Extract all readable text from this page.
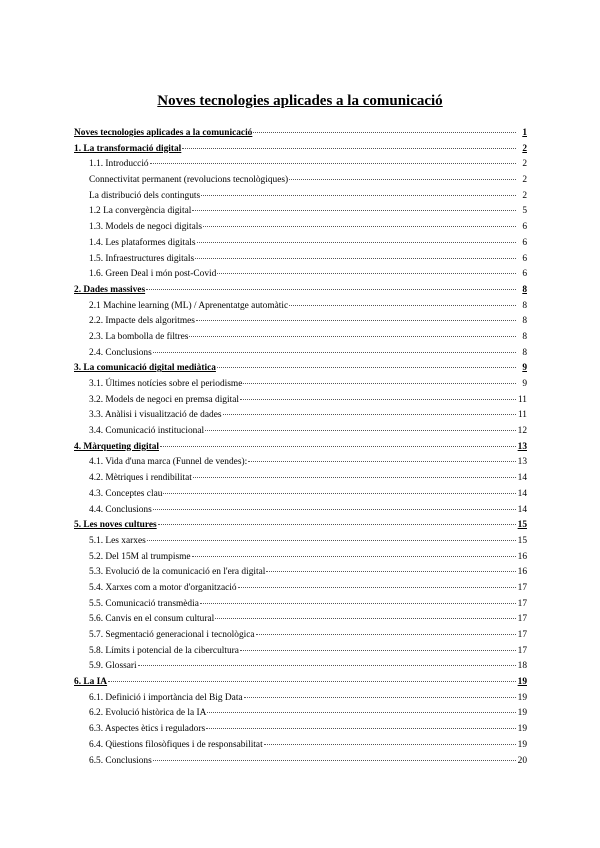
Noves tecnologies aplicades a la comunicació
Noves tecnologies aplicades a la comunicació	1
1. La transformació digital	2
1.1. Introducció	2
Connectivitat permanent (revolucions tecnològiques)	2
La distribució dels continguts	2
1.2 La convergència digital	5
1.3. Models de negoci digitals	6
1.4. Les plataformes digitals	6
1.5. Infraestructures digitals	6
1.6. Green Deal i món post-Covid	6
2. Dades massives	8
2.1 Machine learning (ML) / Aprenentatge automàtic	8
2.2. Impacte dels algoritmes	8
2.3. La bombolla de filtres	8
2.4. Conclusions	8
3. La comunicació digital mediàtica	9
3.1. Últimes notícies sobre el periodisme	9
3.2. Models de negoci en premsa digital	11
3.3. Anàlisi i visualització de dades	11
3.4. Comunicació institucional	12
4. Màrqueting digital	13
4.1. Vida d'una marca (Funnel de vendes):	13
4.2. Mètriques i rendibilitat	14
4.3. Conceptes clau	14
4.4. Conclusions	14
5. Les noves cultures	15
5.1. Les xarxes	15
5.2. Del 15M al trumpisme	16
5.3. Evolució de la comunicació en l'era digital	16
5.4. Xarxes com a motor d'organització	17
5.5. Comunicació transmèdia	17
5.6. Canvis en el consum cultural	17
5.7. Segmentació generacional i tecnològica	17
5.8. Límits i potencial de la cibercultura	17
5.9. Glossari	18
6. La IA	19
6.1. Definició i importància del Big Data	19
6.2. Evolució històrica de la IA	19
6.3. Aspectes ètics i reguladors	19
6.4. Qüestions filosòfiques i de responsabilitat	19
6.5. Conclusions	20
